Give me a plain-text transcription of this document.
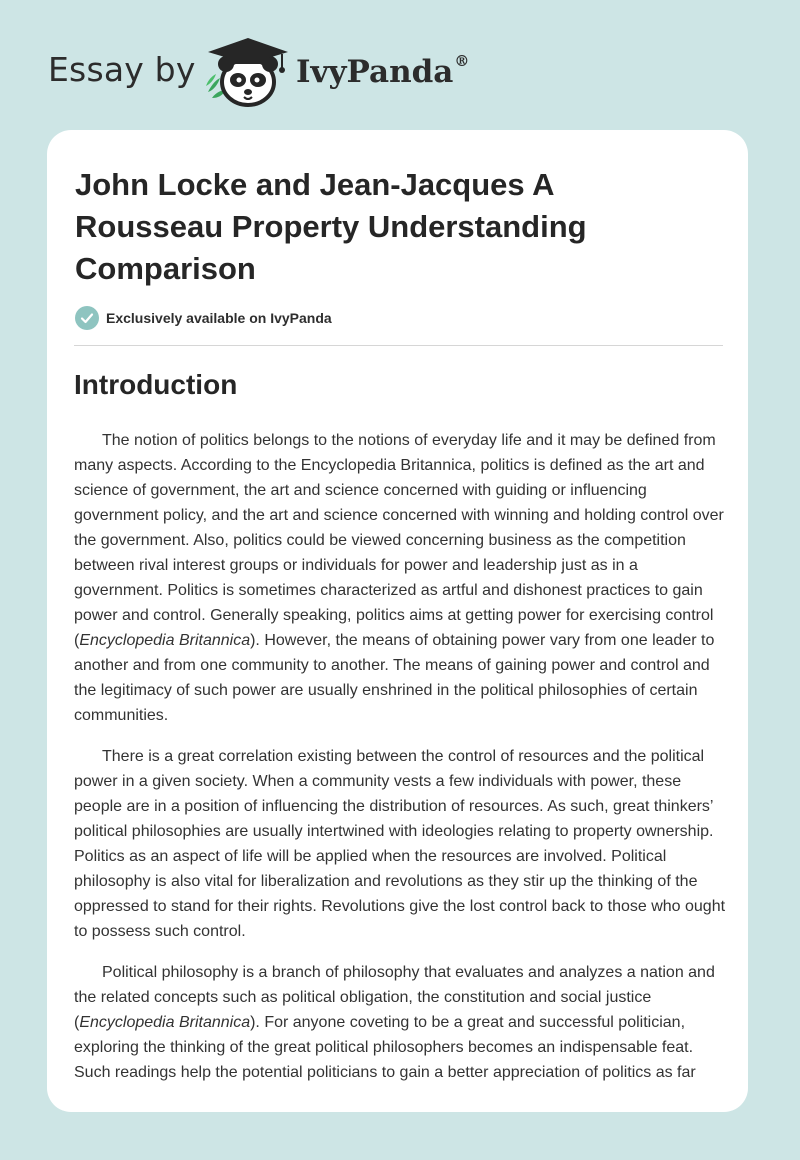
Essay by	IvyPanda®
John Locke and Jean-Jacques A Rousseau Property Understanding Comparison
Exclusively available on IvyPanda
Introduction

The notion of politics belongs to the notions of everyday life and it may be defined from many aspects. According to the Encyclopedia Britannica, politics is defined as the art and science of government, the art and science concerned with guiding or influencing government policy, and the art and science concerned with winning and holding control over the government. Also, politics could be viewed concerning business as the competition between rival interest groups or individuals for power and leadership just as in a government. Politics is sometimes characterized as artful and dishonest practices to gain power and control. Generally speaking, politics aims at getting power for exercising control (Encyclopedia Britannica). However, the means of obtaining power vary from one leader to another and from one community to another. The means of gaining power and control and the legitimacy of such power are usually enshrined in the political philosophies of certain communities.

There is a great correlation existing between the control of resources and the political power in a given society. When a community vests a few individuals with power, these people are in a position of influencing the distribution of resources. As such, great thinkers’ political philosophies are usually intertwined with ideologies relating to property ownership. Politics as an aspect of life will be applied when the resources are involved. Political philosophy is also vital for liberalization and revolutions as they stir up the thinking of the oppressed to stand for their rights. Revolutions give the lost control back to those who ought to possess such control.

Political philosophy is a branch of philosophy that evaluates and analyzes a nation and the related concepts such as political obligation, the constitution and social justice (Encyclopedia Britannica). For anyone coveting to be a great and successful politician, exploring the thinking of the great political philosophers becomes an indispensable feat. Such readings help the potential politicians to gain a better appreciation of politics as far
